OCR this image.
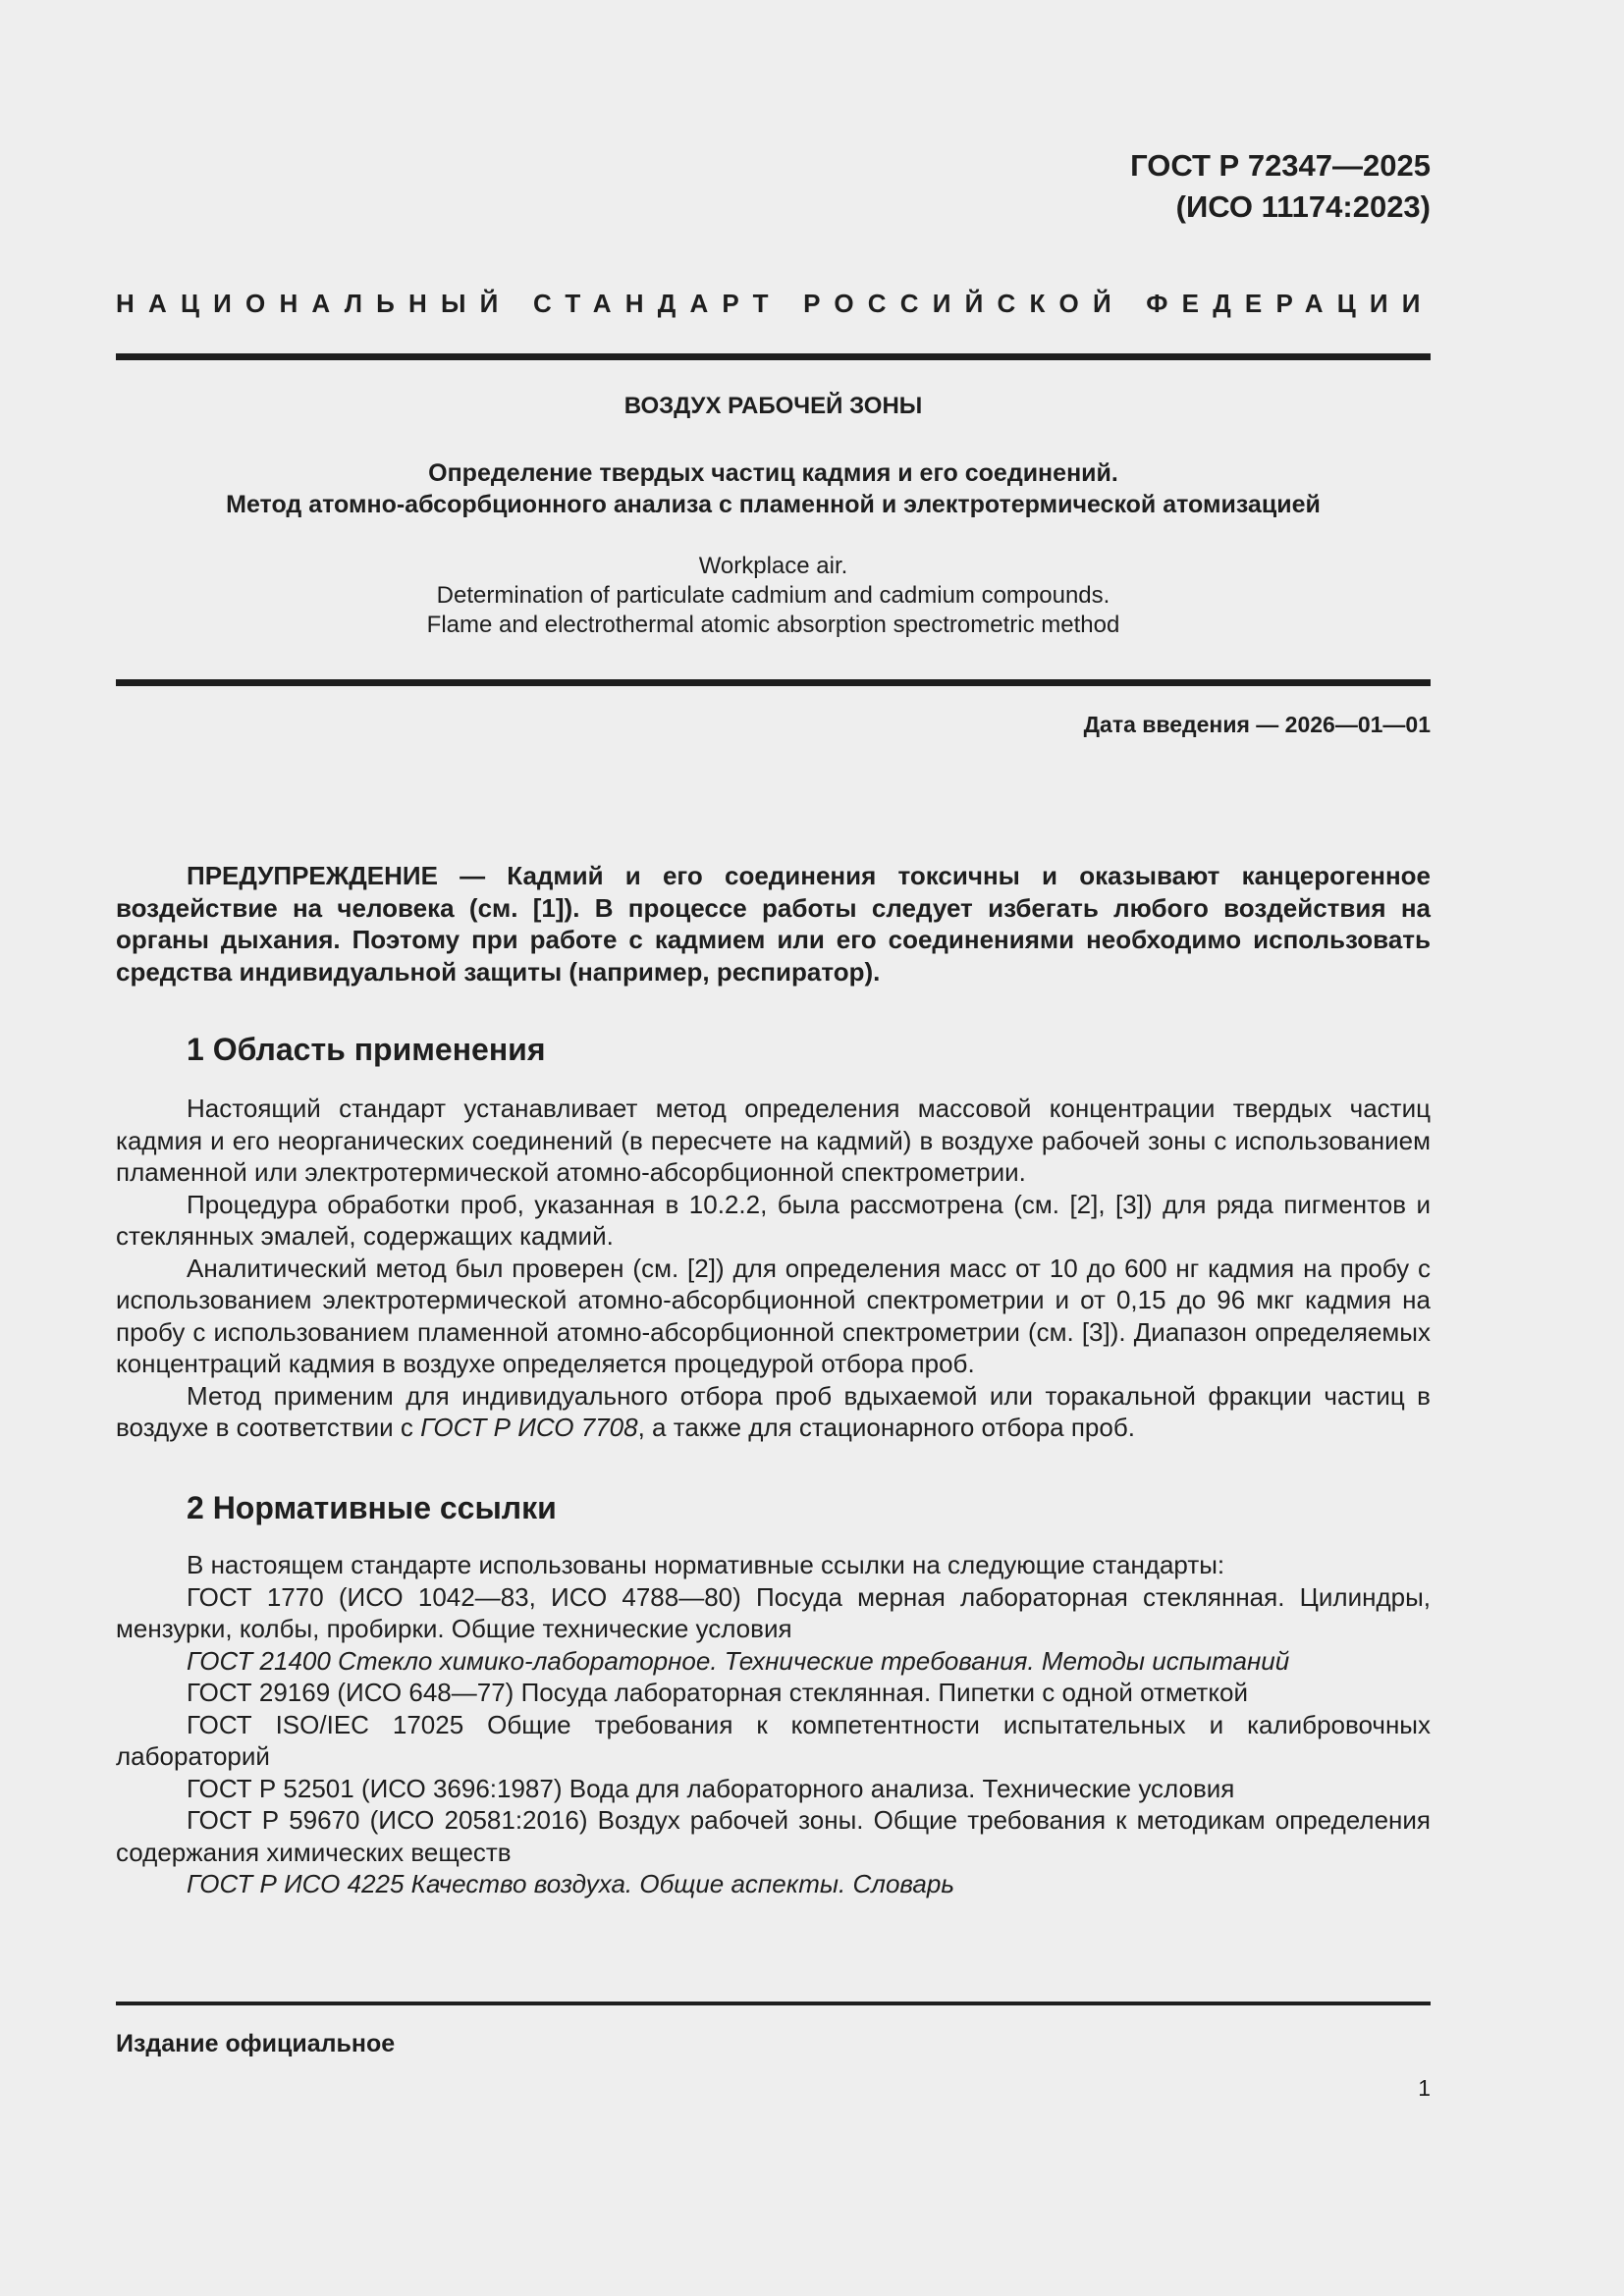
ГОСТ Р 72347—2025
(ИСО 11174:2023)
НАЦИОНАЛЬНЫЙ СТАНДАРТ РОССИЙСКОЙ ФЕДЕРАЦИИ
ВОЗДУХ РАБОЧЕЙ ЗОНЫ
Определение твердых частиц кадмия и его соединений.
Метод атомно-абсорбционного анализа с пламенной и электротермической атомизацией
Workplace air.
Determination of particulate cadmium and cadmium compounds.
Flame and electrothermal atomic absorption spectrometric method
Дата введения — 2026—01—01

ПРЕДУПРЕЖДЕНИЕ — Кадмий и его соединения токсичны и оказывают канцерогенное воздействие на человека (см. [1]). В процессе работы следует избегать любого воздействия на органы дыхания. Поэтому при работе с кадмием или его соединениями необходимо использовать средства индивидуальной защиты (например, респиратор).

1 Область применения

Настоящий стандарт устанавливает метод определения массовой концентрации твердых частиц кадмия и его неорганических соединений (в пересчете на кадмий) в воздухе рабочей зоны с использованием пламенной или электротермической атомно-абсорбционной спектрометрии.

Процедура обработки проб, указанная в 10.2.2, была рассмотрена (см. [2], [3]) для ряда пигментов и стеклянных эмалей, содержащих кадмий.

Аналитический метод был проверен (см. [2]) для определения масс от 10 до 600 нг кадмия на пробу с использованием электротермической атомно-абсорбционной спектрометрии и от 0,15 до 96 мкг кадмия на пробу с использованием пламенной атомно-абсорбционной спектрометрии (см. [3]). Диапазон определяемых концентраций кадмия в воздухе определяется процедурой отбора проб.

Метод применим для индивидуального отбора проб вдыхаемой или торакальной фракции частиц в воздухе в соответствии с ГОСТ Р ИСО 7708, а также для стационарного отбора проб.

2 Нормативные ссылки

В настоящем стандарте использованы нормативные ссылки на следующие стандарты:

ГОСТ 1770 (ИСО 1042—83, ИСО 4788—80) Посуда мерная лабораторная стеклянная. Цилиндры, мензурки, колбы, пробирки. Общие технические условия

ГОСТ 21400 Стекло химико-лабораторное. Технические требования. Методы испытаний

ГОСТ 29169 (ИСО 648—77) Посуда лабораторная стеклянная. Пипетки с одной отметкой

ГОСТ ISO/IEC 17025 Общие требования к компетентности испытательных и калибровочных лабораторий

ГОСТ Р 52501 (ИСО 3696:1987) Вода для лабораторного анализа. Технические условия

ГОСТ Р 59670 (ИСО 20581:2016) Воздух рабочей зоны. Общие требования к методикам определения содержания химических веществ

ГОСТ Р ИСО 4225 Качество воздуха. Общие аспекты. Словарь

Издание официальное
1
